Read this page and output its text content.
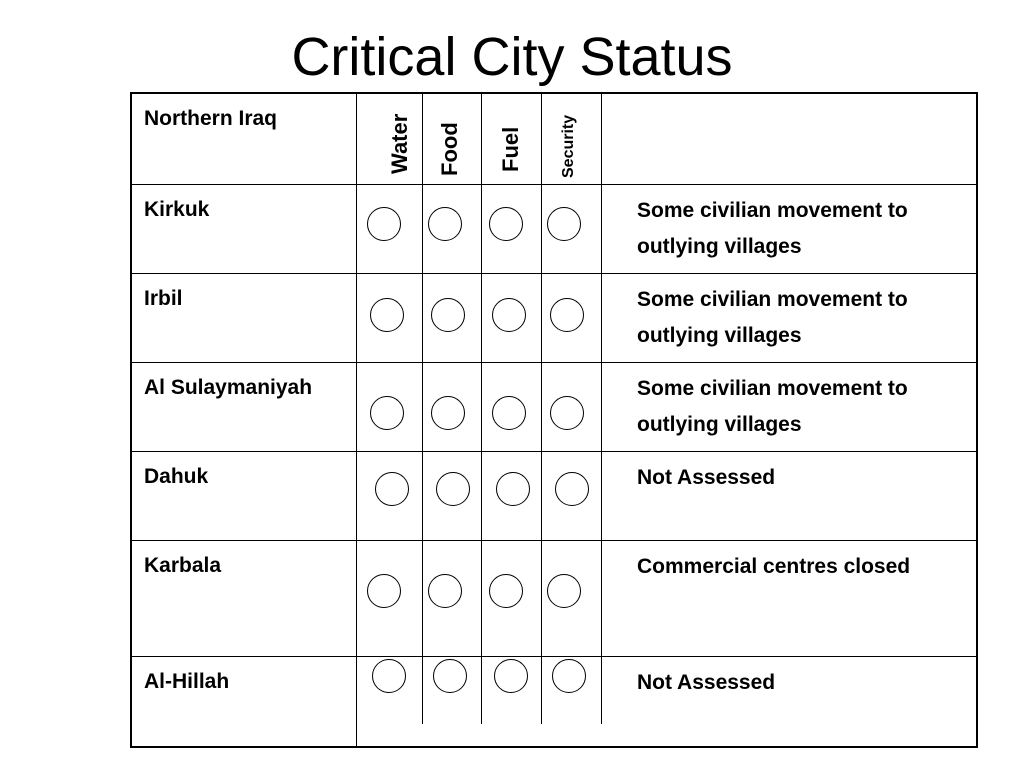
Critical City Status
Northern Iraq	Water Food Fuel Security
Kirkuk	Some civilian movement to outlying villages
Irbil	Some civilian movement to outlying villages
Al Sulaymaniyah	Some civilian movement to outlying villages
Dahuk	Not Assessed
Karbala	Commercial centres closed
Al-Hillah	Not Assessed
